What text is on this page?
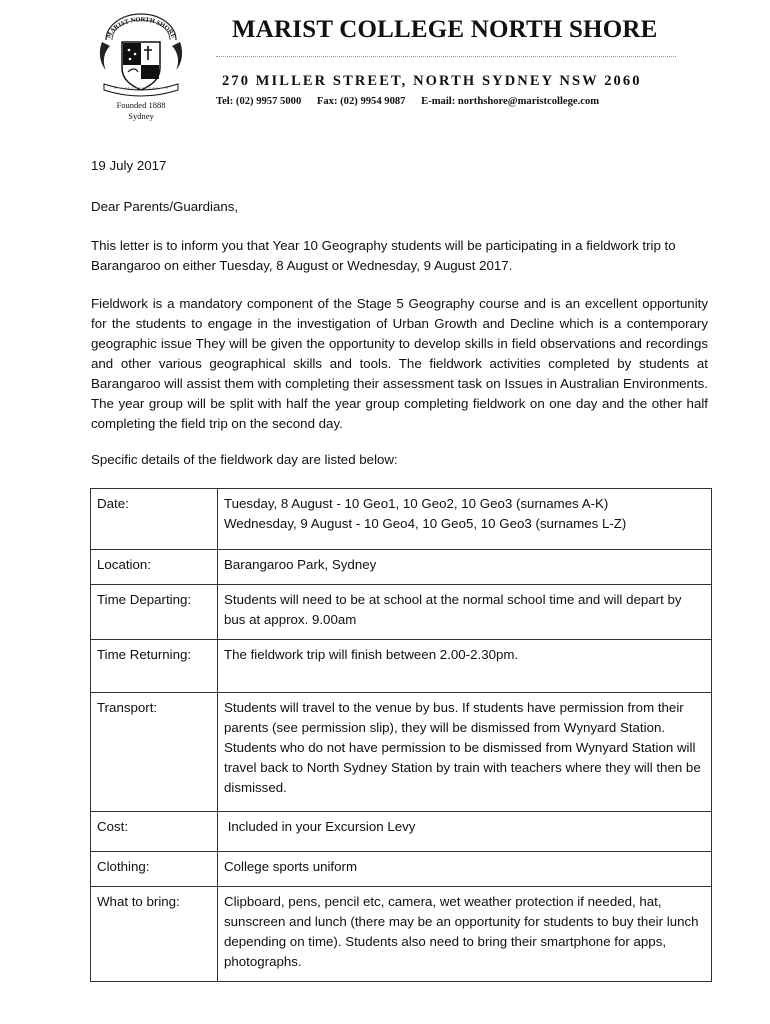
MARIST NORTH SHORE
Founded 1888
Sydney
MARIST COLLEGE NORTH SHORE
270 MILLER STREET, NORTH SYDNEY NSW 2060
Tel: (02) 9957 5000 Fax: (02) 9954 9087 E-mail: northshore@maristcollege.com
19 July 2017
Dear Parents/Guardians,
This letter is to inform you that Year 10 Geography students will be participating in a fieldwork trip to Barangaroo on either Tuesday, 8 August or Wednesday, 9 August 2017.
Fieldwork is a mandatory component of the Stage 5 Geography course and is an excellent opportunity for the students to engage in the investigation of Urban Growth and Decline which is a contemporary geographic issue They will be given the opportunity to develop skills in field observations and recordings and other various geographical skills and tools. The fieldwork activities completed by students at Barangaroo will assist them with completing their assessment task on Issues in Australian Environments. The year group will be split with half the year group completing fieldwork on one day and the other half completing the field trip on the second day.
Specific details of the fieldwork day are listed below:
Date:	Tuesday, 8 August - 10 Geo1, 10 Geo2, 10 Geo3 (surnames A-K)
Wednesday, 9 August - 10 Geo4, 10 Geo5, 10 Geo3 (surnames L-Z)

Location:	Barangaroo Park, Sydney
Time Departing:	Students will need to be at school at the normal school time and will depart by bus at approx. 9.00am
Time Returning:	The fieldwork trip will finish between 2.00-2.30pm.
Transport:	Students will travel to the venue by bus. If students have permission from their parents (see permission slip), they will be dismissed from Wynyard Station. Students who do not have permission to be dismissed from Wynyard Station will travel back to North Sydney Station by train with teachers where they will then be dismissed.
Cost:	Included in your Excursion Levy
Clothing:	College sports uniform
What to bring:	Clipboard, pens, pencil etc, camera, wet weather protection if needed, hat, sunscreen and lunch (there may be an opportunity for students to buy their lunch depending on time). Students also need to bring their smartphone for apps, photographs.
